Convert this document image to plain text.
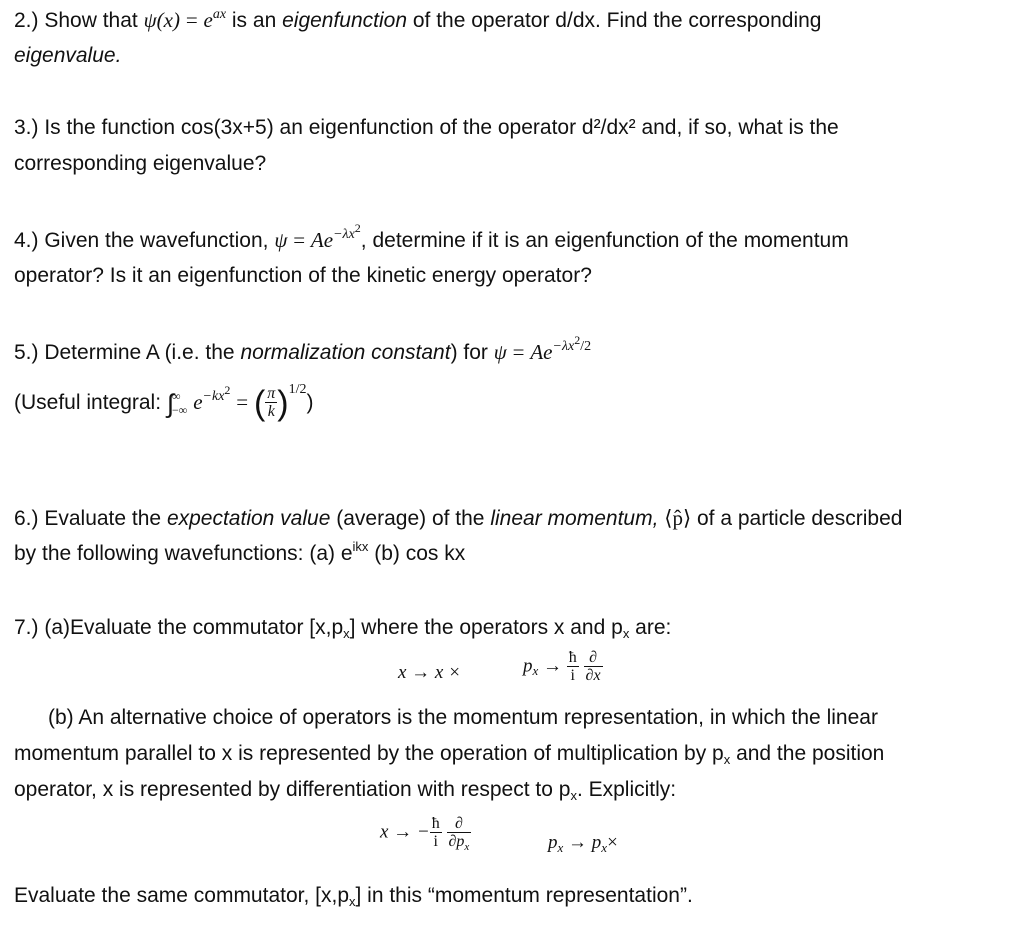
2.) Show that $\psi(x) = e^{ax}$ is an eigenfunction of the operator d/dx. Find the corresponding
eigenvalue.
3.) Is the function cos(3x+5) an eigenfunction of the operator d²/dx² and, if so, what is the
corresponding eigenvalue?
4.) Given the wavefunction, $\psi = Ae^{-\lambda x2}$, determine if it is an eigenfunction of the momentum
operator? Is it an eigenfunction of the kinetic energy operator?
5.) Determine A (i.e. the normalization constant) for $\psi = Ae^{-\lambda x2/2}$
(Useful integral: ∫
∞
−∞ $e^{-kx2}$ = ( $\frac{\pi}{k} )^{1/2}$)
6.) Evaluate the expectation value (average) of the linear momentum, ⟨p̂⟩ of a particle described
by the following wavefunctions: (a) $e^{ikx}$ (b) cos kx
7.) (a)Evaluate the commutator [x,px] where the operators x and px are:
x → x ×	$p_x \to \frac{ħ}{i}$
$\frac{\partial}{\partial x}$
(b) An alternative choice of operators is the momentum representation, in which the linear
momentum parallel to x is represented by the operation of multiplication by px and the position
operator, x is represented by differentiation with respect to px. Explicitly:
x → − $\frac{ħ}{i}$
$\frac{\partial}{\partial p_x}$	$p_x \to p_x\times$
Evaluate the same commutator, [x,px] in this “momentum representation”.
